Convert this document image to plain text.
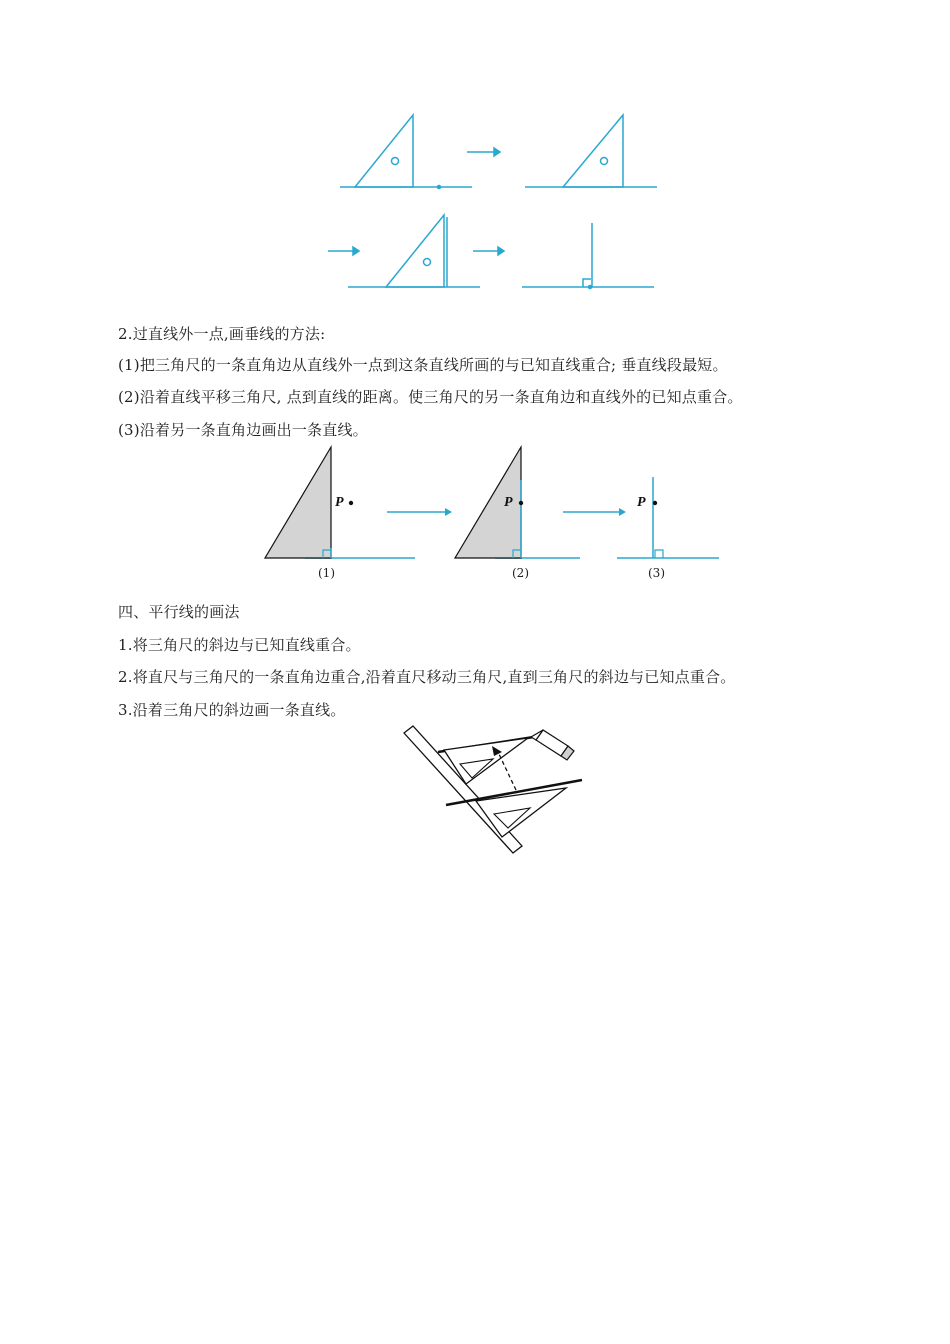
2.过直线外一点,画垂线的方法:
(1)把三角尺的一条直角边从直线外一点到这条直线所画的与已知直线重合; 垂直线段最短。
(2)沿着直线平移三角尺, 点到直线的距离。使三角尺的另一条直角边和直线外的已知点重合。
(3)沿着另一条直角边画出一条直线。
P
(1)
P
(2)
P
(3)
四、平行线的画法
1.将三角尺的斜边与已知直线重合。
2.将直尺与三角尺的一条直角边重合,沿着直尺移动三角尺,直到三角尺的斜边与已知点重合。
3.沿着三角尺的斜边画一条直线。
